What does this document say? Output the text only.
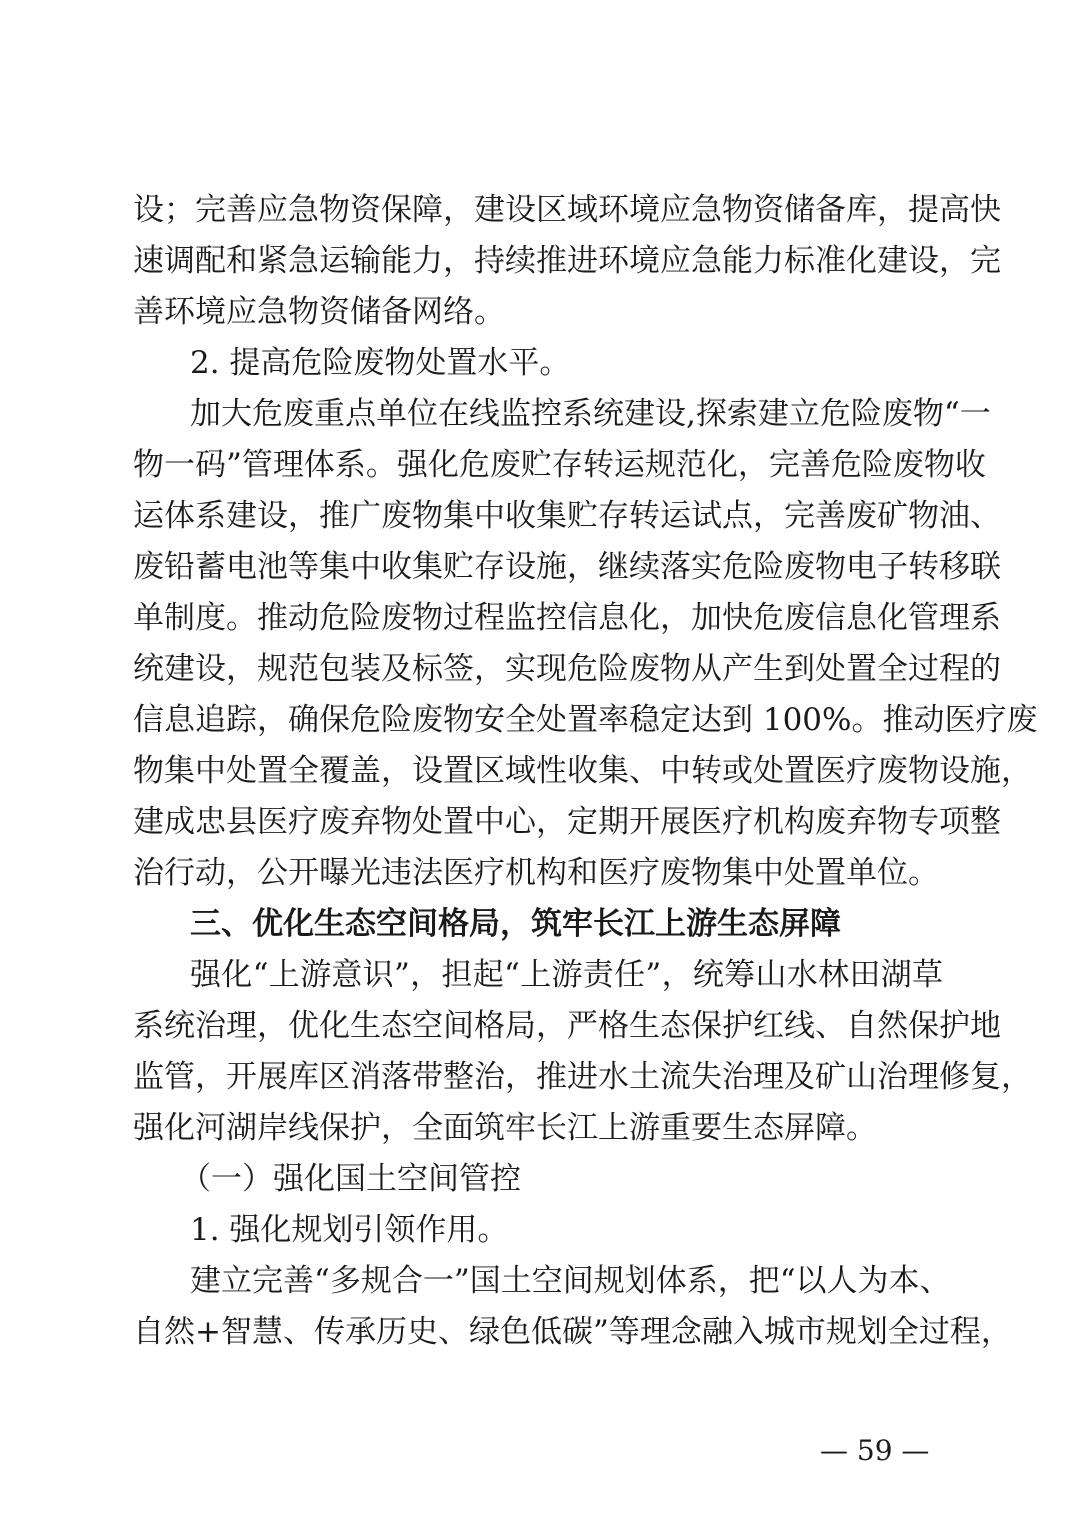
设；完善应急物资保障，建设区域环境应急物资储备库，提高快
速调配和紧急运输能力，持续推进环境应急能力标准化建设，完
善环境应急物资储备网络。
2. 提高危险废物处置水平。
加大危废重点单位在线监控系统建设,探索建立危险废物“一
物一码”管理体系。强化危废贮存转运规范化，完善危险废物收
运体系建设，推广废物集中收集贮存转运试点，完善废矿物油、
废铅蓄电池等集中收集贮存设施，继续落实危险废物电子转移联
单制度。推动危险废物过程监控信息化，加快危废信息化管理系
统建设，规范包装及标签，实现危险废物从产生到处置全过程的
信息追踪，确保危险废物安全处置率稳定达到 100%。推动医疗废
物集中处置全覆盖，设置区域性收集、中转或处置医疗废物设施，
建成忠县医疗废弃物处置中心，定期开展医疗机构废弃物专项整
治行动，公开曝光违法医疗机构和医疗废物集中处置单位。
三、优化生态空间格局，筑牢长江上游生态屏障
强化“上游意识”，担起“上游责任”，统筹山水林田湖草
系统治理，优化生态空间格局，严格生态保护红线、自然保护地
监管，开展库区消落带整治，推进水土流失治理及矿山治理修复，
强化河湖岸线保护，全面筑牢长江上游重要生态屏障。
（一）强化国土空间管控
1. 强化规划引领作用。
建立完善“多规合一”国土空间规划体系，把“以人为本、
自然+智慧、传承历史、绿色低碳”等理念融入城市规划全过程，
— 59 —
